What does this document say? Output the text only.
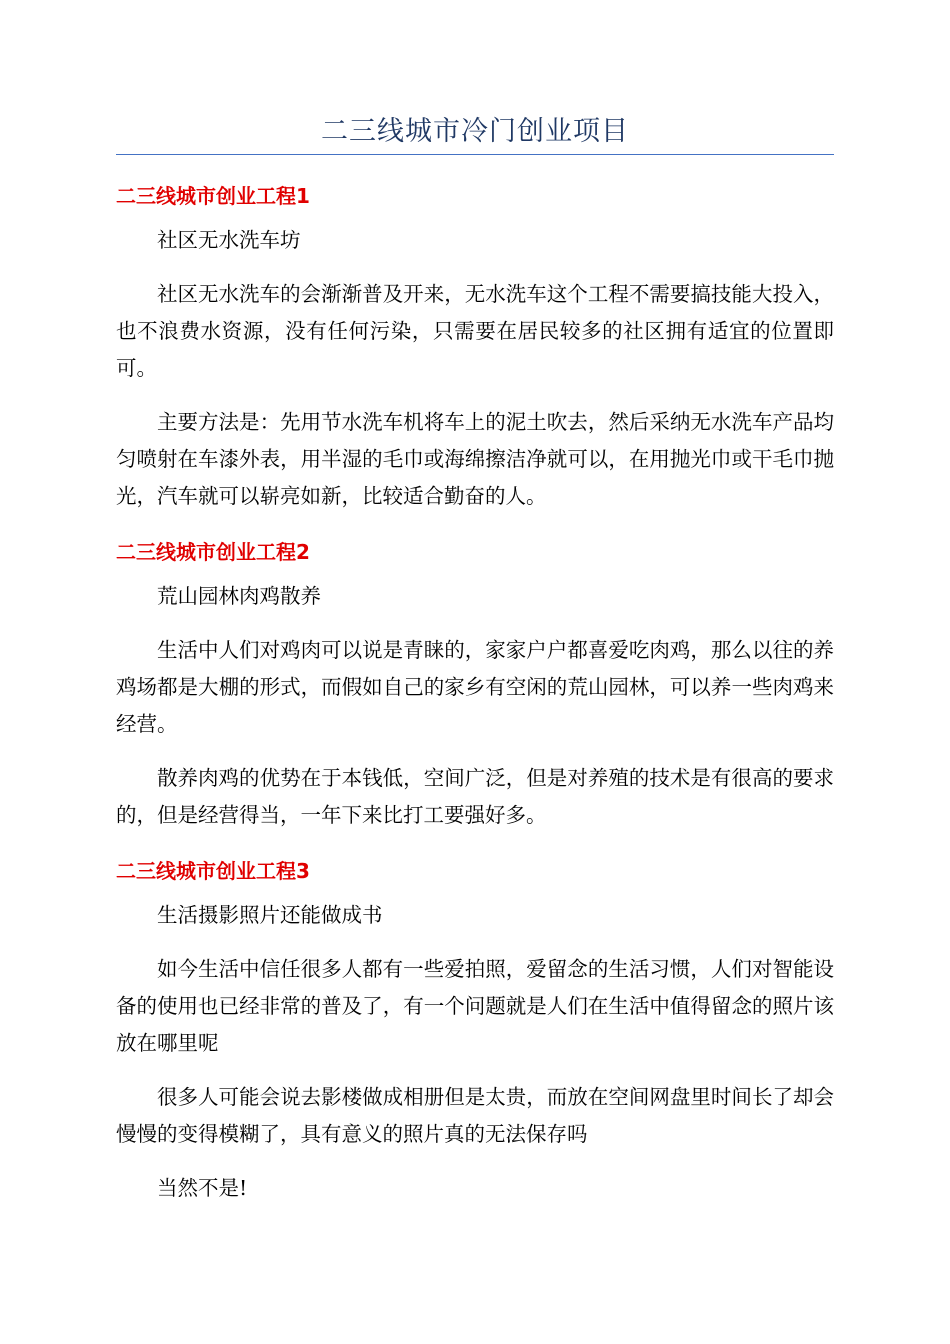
二三线城市冷门创业项目
二三线城市创业工程1

社区无水洗车坊

社区无水洗车的会渐渐普及开来，无水洗车这个工程不需要搞技能大投入，也不浪费水资源，没有任何污染，只需要在居民较多的社区拥有适宜的位置即可。

主要方法是：先用节水洗车机将车上的泥土吹去，然后采纳无水洗车产品均匀喷射在车漆外表，用半湿的毛巾或海绵擦洁净就可以，在用抛光巾或干毛巾抛光，汽车就可以崭亮如新，比较适合勤奋的人。

二三线城市创业工程2

荒山园林肉鸡散养

生活中人们对鸡肉可以说是青睐的，家家户户都喜爱吃肉鸡，那么以往的养鸡场都是大棚的形式，而假如自己的家乡有空闲的荒山园林，可以养一些肉鸡来经营。

散养肉鸡的优势在于本钱低，空间广泛，但是对养殖的技术是有很高的要求的，但是经营得当，一年下来比打工要强好多。

二三线城市创业工程3

生活摄影照片还能做成书

如今生活中信任很多人都有一些爱拍照，爱留念的生活习惯，人们对智能设备的使用也已经非常的普及了，有一个问题就是人们在生活中值得留念的照片该放在哪里呢

很多人可能会说去影楼做成相册但是太贵，而放在空间网盘里时间长了却会慢慢的变得模糊了，具有意义的照片真的无法保存吗

当然不是!
